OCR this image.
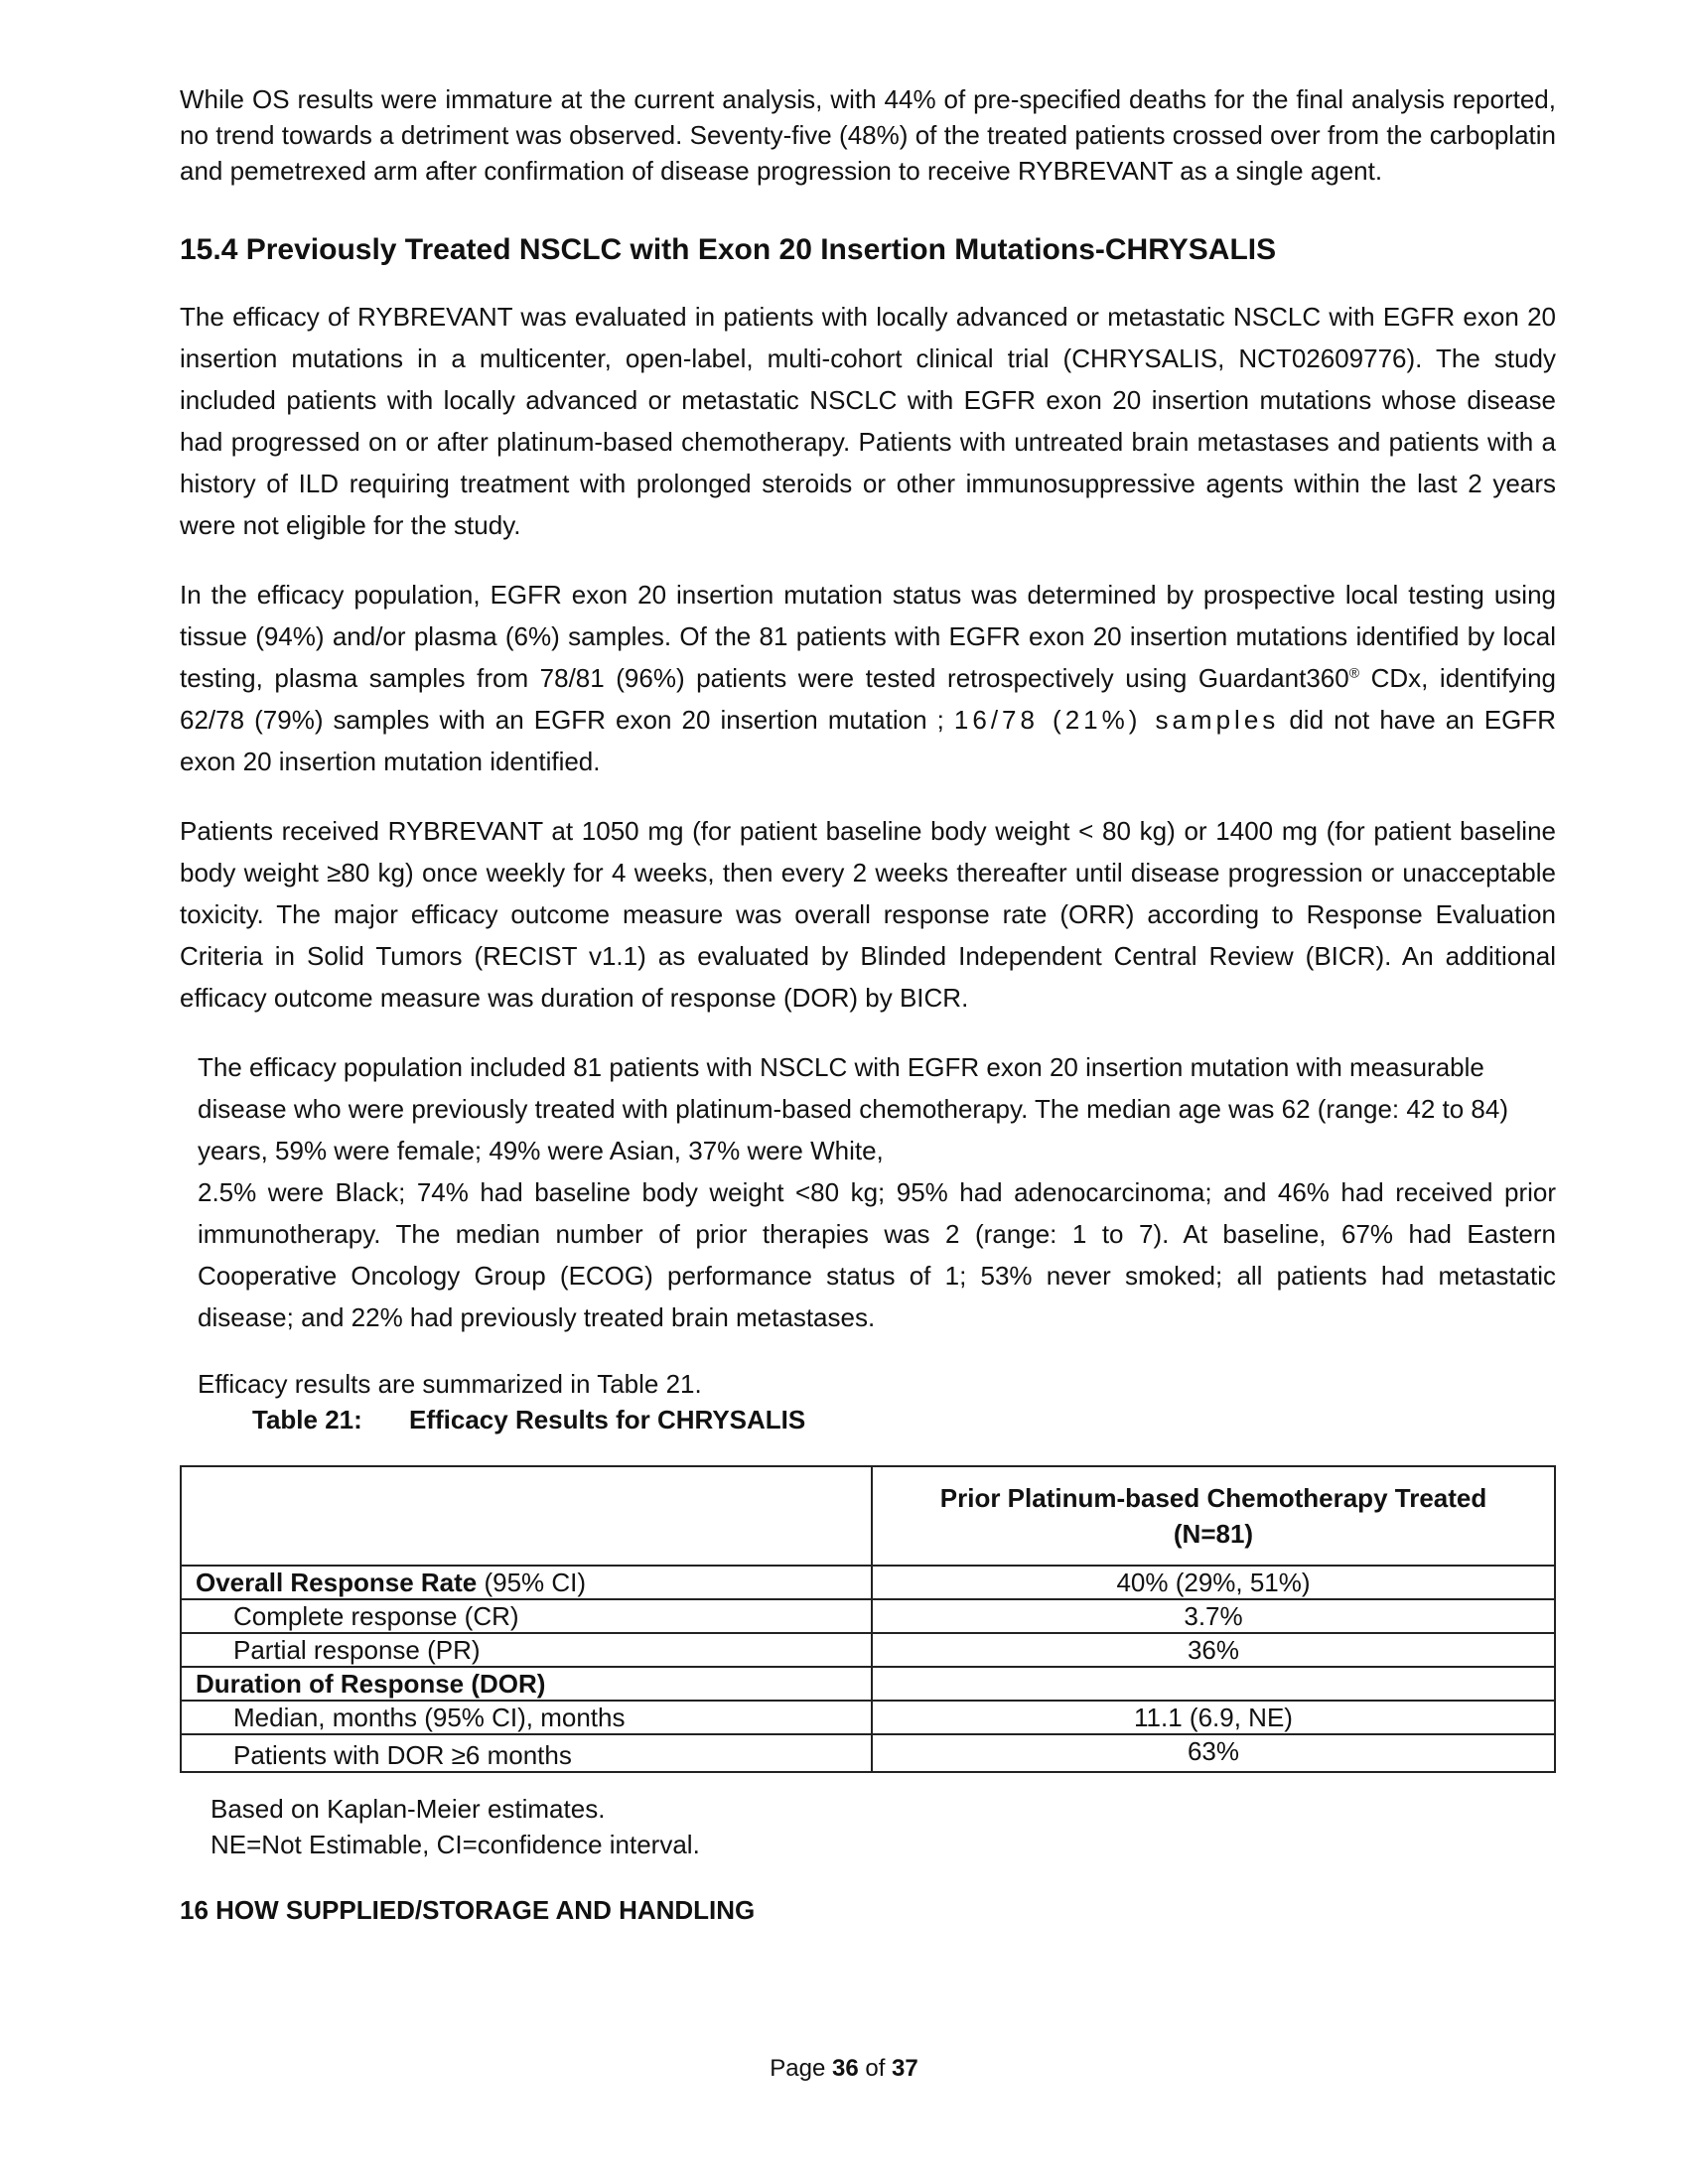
While OS results were immature at the current analysis, with 44% of pre-specified deaths for the final analysis reported, no trend towards a detriment was observed. Seventy-five (48%) of the treated patients crossed over from the carboplatin and pemetrexed arm after confirmation of disease progression to receive RYBREVANT as a single agent.

15.4 Previously Treated NSCLC with Exon 20 Insertion Mutations-CHRYSALIS

The efficacy of RYBREVANT was evaluated in patients with locally advanced or metastatic NSCLC with EGFR exon 20 insertion mutations in a multicenter, open-label, multi-cohort clinical trial (CHRYSALIS, NCT02609776). The study included patients with locally advanced or metastatic NSCLC with EGFR exon 20 insertion mutations whose disease had progressed on or after platinum-based chemotherapy. Patients with untreated brain metastases and patients with a history of ILD requiring treatment with prolonged steroids or other immunosuppressive agents within the last 2 years were not eligible for the study.

In the efficacy population, EGFR exon 20 insertion mutation status was determined by prospective local testing using tissue (94%) and/or plasma (6%) samples. Of the 81 patients with EGFR exon 20 insertion mutations identified by local testing, plasma samples from 78/81 (96%) patients were tested retrospectively using Guardant360® CDx, identifying 62/78 (79%) samples with an EGFR exon 20 insertion mutation ; 16/78 (21%) samples did not have an EGFR exon 20 insertion mutation identified.

Patients received RYBREVANT at 1050 mg (for patient baseline body weight < 80 kg) or 1400 mg (for patient baseline body weight ≥80 kg) once weekly for 4 weeks, then every 2 weeks thereafter until disease progression or unacceptable toxicity. The major efficacy outcome measure was overall response rate (ORR) according to Response Evaluation Criteria in Solid Tumors (RECIST v1.1) as evaluated by Blinded Independent Central Review (BICR). An additional efficacy outcome measure was duration of response (DOR) by BICR.

The efficacy population included 81 patients with NSCLC with EGFR exon 20 insertion mutation with measurable disease who were previously treated with platinum-based chemotherapy. The median age was 62 (range: 42 to 84) years, 59% were female; 49% were Asian, 37% were White,

2.5% were Black; 74% had baseline body weight <80 kg; 95% had adenocarcinoma; and 46% had received prior immunotherapy. The median number of prior therapies was 2 (range: 1 to 7). At baseline, 67% had Eastern Cooperative Oncology Group (ECOG) performance status of 1; 53% never smoked; all patients had metastatic disease; and 22% had previously treated brain metastases.

Efficacy results are summarized in Table 21.

Table 21: Efficacy Results for CHRYSALIS
	Prior Platinum-based Chemotherapy Treated
(N=81)
Overall Response Rate (95% CI)	40% (29%, 51%)
Complete response (CR)	3.7%
Partial response (PR)	36%
Duration of Response (DOR)	
Median, months (95% CI), months	11.1 (6.9, NE)
Patients with DOR ≥6 months	63%
Based on Kaplan-Meier estimates.
NE=Not Estimable, CI=confidence interval.
16 HOW SUPPLIED/STORAGE AND HANDLING
Page 36 of 37
